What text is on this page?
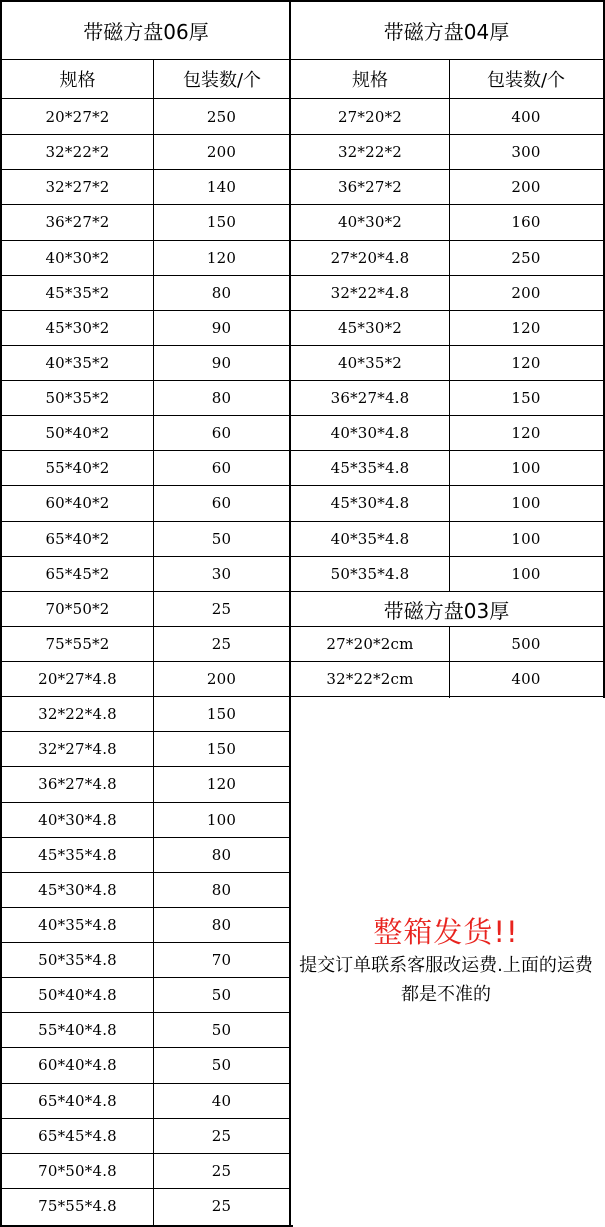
带磁方盘06厚	带磁方盘04厚
规格	包装数/个	规格	包装数/个
带磁方盘03厚
整箱发货!!
提交订单联系客服改运费.上面的运费都是不准的
20*27*2	250
32*22*2	200
32*27*2	140
36*27*2	150
40*30*2	120
45*35*2	80
45*30*2	90
40*35*2	90
50*35*2	80
50*40*2	60
55*40*2	60
60*40*2	60
65*40*2	50
65*45*2	30
70*50*2	25
75*55*2	25
20*27*4.8	200
32*22*4.8	150
32*27*4.8	150
36*27*4.8	120
40*30*4.8	100
45*35*4.8	80
45*30*4.8	80
40*35*4.8	80
50*35*4.8	70
50*40*4.8	50
55*40*4.8	50
60*40*4.8	50
65*40*4.8	40
65*45*4.8	25
70*50*4.8	25
75*55*4.8	25
27*20*2	400
32*22*2	300
36*27*2	200
40*30*2	160
27*20*4.8	250
32*22*4.8	200
45*30*2	120
40*35*2	120
36*27*4.8	150
40*30*4.8	120
45*35*4.8	100
45*30*4.8	100
40*35*4.8	100
50*35*4.8	100
27*20*2cm	500
32*22*2cm	400
